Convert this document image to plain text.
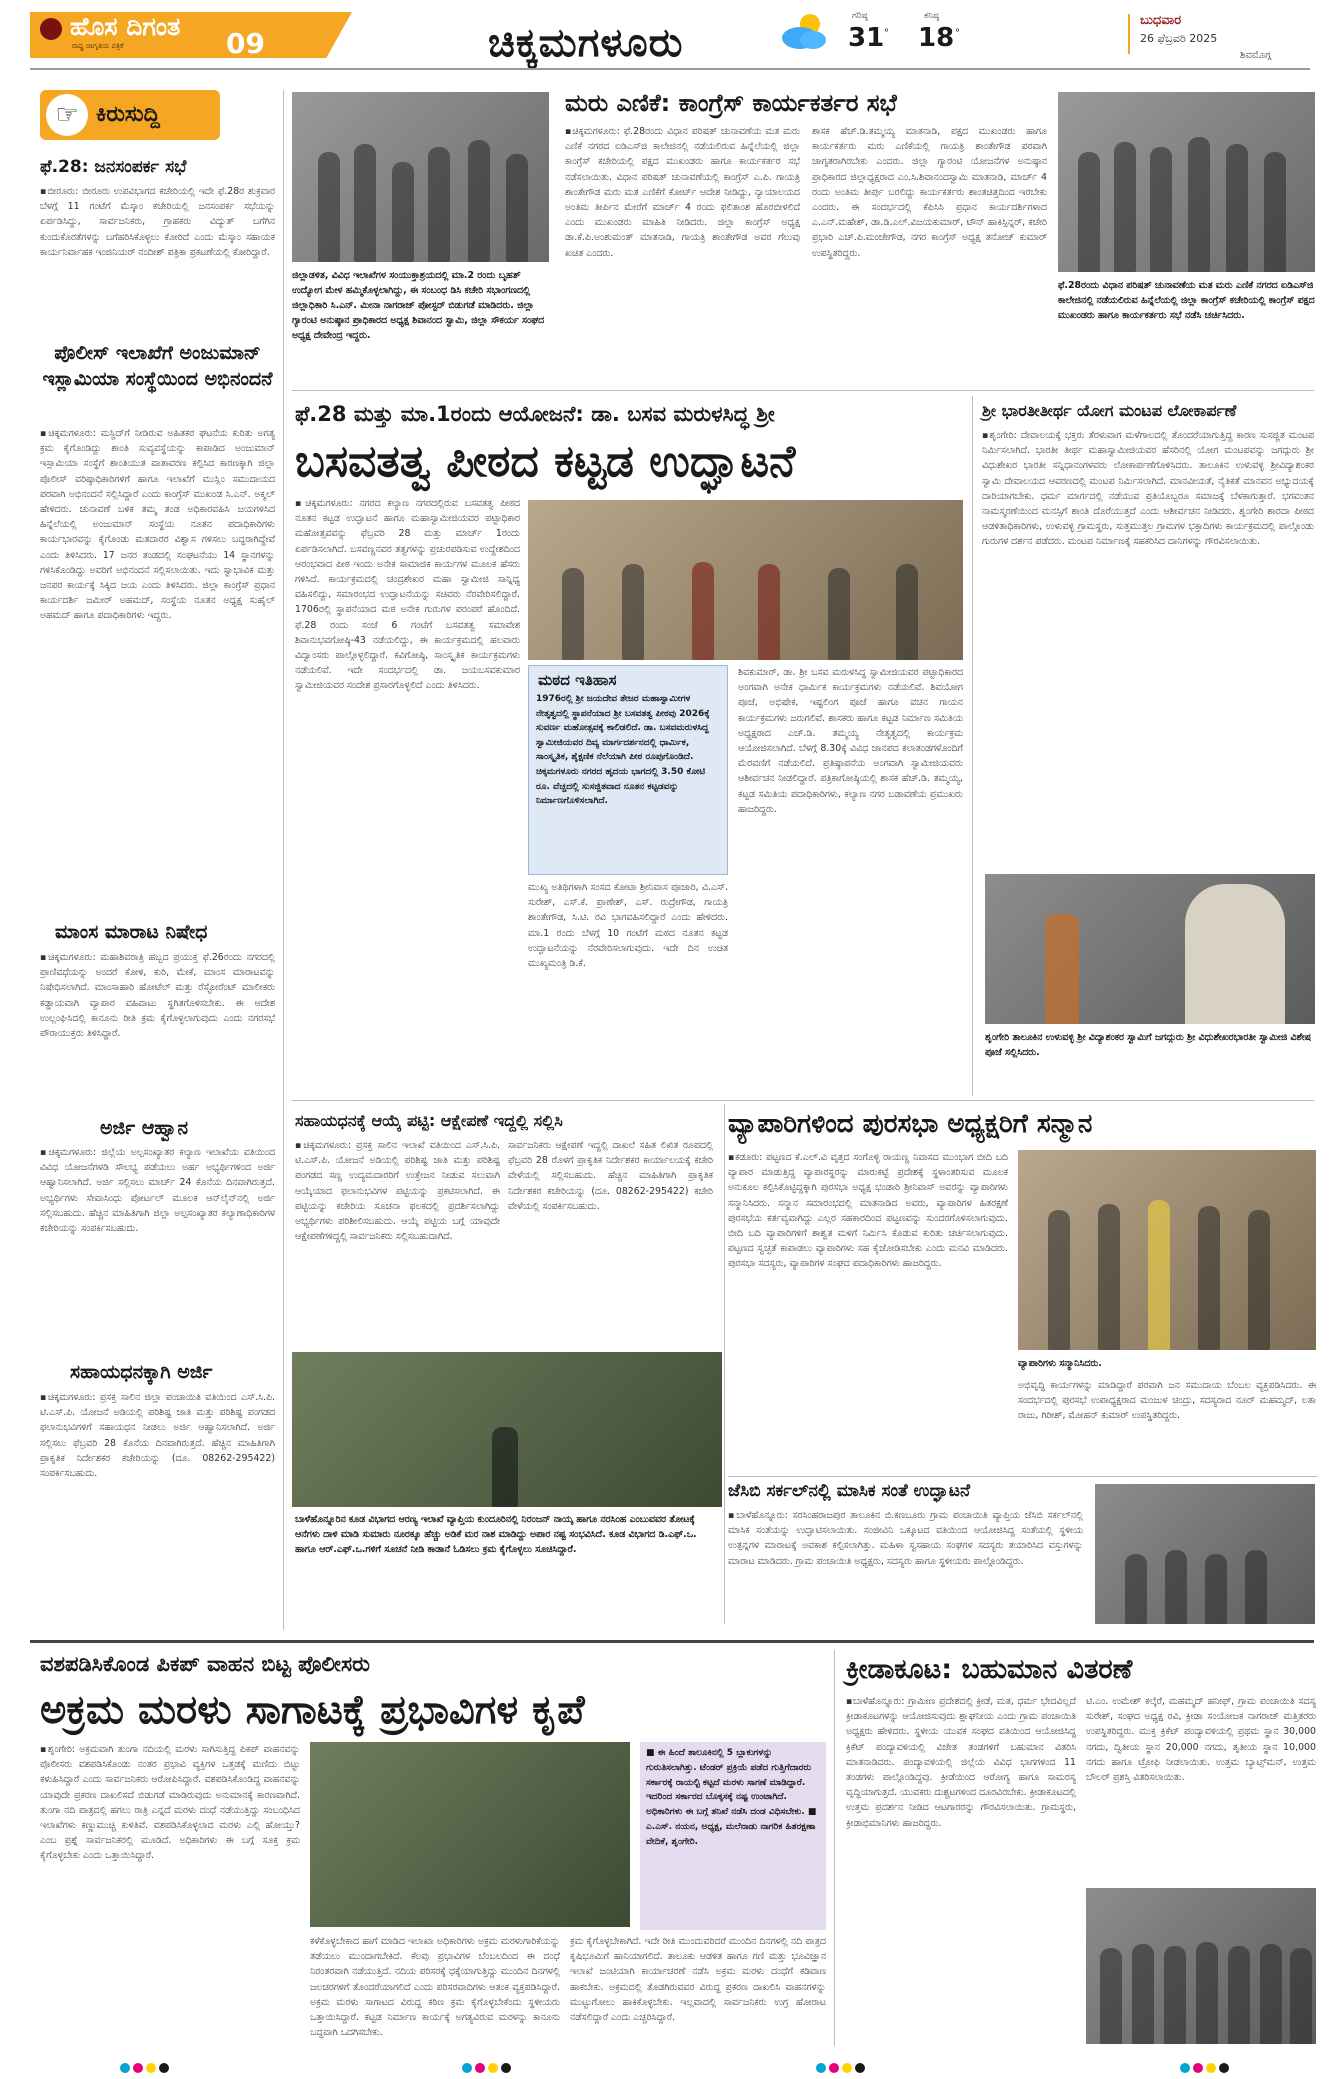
ಹೊಸ ದಿಗಂತ
ರಾಷ್ಟ್ರ ಜಾಗೃತಿಯ ಪತ್ರಿಕೆ	09	ಚಿಕ್ಕಮಗಳೂರು
ಗರಿಷ್ಠ
31 °
ಕನಿಷ್ಠ
18 °
ಬುಧವಾರ
26 ಫೆಬ್ರವರಿ 2025
ಶಿವಮೊಗ್ಗ
☞ ಕಿರುಸುದ್ದಿ
ಫೆ.28: ಜನಸಂಪರ್ಕ ಸಭೆ
▪ಬೀರೂರು: ಬೀರೂರು ಉಪವಿಭಾಗದ ಕಚೇರಿಯಲ್ಲಿ ಇದೇ ಫೆ.28ರ ಶುಕ್ರವಾರ ಬೆಳಗ್ಗೆ 11 ಗಂಟೆಗೆ ಮೆಸ್ಕಾಂ ಕಚೇರಿಯಲ್ಲಿ ಜನಸಂಪರ್ಕ ಸಭೆಯನ್ನು ಏರ್ಪಡಿಸಿದ್ದು, ಸಾರ್ವಜನಿಕರು, ಗ್ರಾಹಕರು ವಿದ್ಯುತ್ ಬಗೆಗಿನ ಕುಂದುಕೊರತೆಗಳನ್ನು ಬಗೆಹರಿಸಿಕೊಳ್ಳಲು ಕೋರಿದೆ ಎಂದು ಮೆಸ್ಕಾಂ ಸಹಾಯಕ ಕಾರ್ಯನಿರ್ವಾಹಕ ಇಂಜಿನಿಯರ್ ನಂದೀಶ್ ಪತ್ರಿಕಾ ಪ್ರಕಟಣೆಯಲ್ಲಿ ಕೋರಿದ್ದಾರೆ.
ಪೊಲೀಸ್ ಇಲಾಖೆಗೆ ಅಂಜುಮಾನ್ ಇಸ್ಲಾಮಿಯಾ ಸಂಸ್ಥೆಯಿಂದ ಅಭಿನಂದನೆ
▪ಚಿಕ್ಕಮಗಳೂರು: ಮಸ್ಜಿದ್‌ಗೆ ನೀಡಿರುವ ಅಹಿತಕರ ಘಟನೆಯ ಕುರಿತು ಅಗತ್ಯ ಕ್ರಮ ಕೈಗೊಂಡಿದ್ದು ಶಾಂತಿ ಸುವ್ಯವಸ್ಥೆಯನ್ನು ಕಾಪಾಡಿದ ಅಂಜುಮಾನ್ ಇಸ್ಲಾಮಿಯಾ ಸಂಸ್ಥೆಗೆ ಶಾಂತಿಯುತ ವಾತಾವರಣ ಕಲ್ಪಿಸಿದ ಕಾರಣಕ್ಕಾಗಿ ಜಿಲ್ಲಾ ಪೊಲೀಸ್ ವರಿಷ್ಠಾಧಿಕಾರಿಗಳಿಗೆ ಹಾಗೂ ಇಲಾಖೆಗೆ ಮುಸ್ಲಿಂ ಸಮುದಾಯದ ಪರವಾಗಿ ಅಭಿನಂದನೆ ಸಲ್ಲಿಸಿದ್ದಾರೆ ಎಂದು ಕಾಂಗ್ರೆಸ್ ಮುಖಂಡ ಸಿ.ಎನ್. ಅಕ್ಮಲ್ ಹೇಳಿದರು. ಚುನಾವಣೆ ಬಳಿಕ ತಮ್ಮ ತಂಡ ಅಧಿಕಾರವಹಿಸಿ ಜಯಗಳಿಸಿದ ಹಿನ್ನೆಲೆಯಲ್ಲಿ ಅಂಜುಮಾನ್ ಸಂಸ್ಥೆಯ ನೂತನ ಪದಾಧಿಕಾರಿಗಳು ಕಾರ್ಯಭಾರವನ್ನು ಕೈಗೊಂಡು ಮತದಾರರ ವಿಶ್ವಾಸ ಗಳಿಸಲು ಬದ್ಧರಾಗಿದ್ದೇವೆ ಎಂದು ತಿಳಿಸಿದರು. 17 ಜನರ ತಂಡದಲ್ಲಿ ಸಂಘಟನೆಯು 14 ಸ್ಥಾನಗಳನ್ನು ಗಳಿಸಿಕೊಂಡಿದ್ದು ಅವರಿಗೆ ಅಭಿನಂದನೆ ಸಲ್ಲಿಸಲಾಯಿತು. ಇದು ಸ್ವಾಭಾವಿಕ ಮತ್ತು ಜನಪರ ಕಾರ್ಯಕ್ಕೆ ಸಿಕ್ಕಿದ ಜಯ ಎಂದು ತಿಳಿಸಿದರು. ಜಿಲ್ಲಾ ಕಾಂಗ್ರೆಸ್ ಪ್ರಧಾನ ಕಾರ್ಯದರ್ಶಿ ಜಮೀರ್ ಅಹಮದ್, ಸಂಸ್ಥೆಯ ನೂತನ ಅಧ್ಯಕ್ಷ ಸುಹೈಲ್ ಅಹಮದ್ ಹಾಗೂ ಪದಾಧಿಕಾರಿಗಳು ಇದ್ದರು.
ಮಾಂಸ ಮಾರಾಟ ನಿಷೇಧ
▪ಚಿಕ್ಕಮಗಳೂರು: ಮಹಾಶಿವರಾತ್ರಿ ಹಬ್ಬದ ಪ್ರಯುಕ್ತ ಫೆ.26ರಂದು ನಗರದಲ್ಲಿ ಪ್ರಾಣಿವಧೆಯನ್ನು ಅಂದರೆ ಕೋಳಿ, ಕುರಿ, ಮೇಕೆ, ಮಾಂಸ ಮಾರಾಟವನ್ನು ನಿಷೇಧಿಸಲಾಗಿದೆ. ಮಾಂಸಾಹಾರಿ ಹೋಟೆಲ್ ಮತ್ತು ರೆಸ್ಟೋರೆಂಟ್ ಮಾಲೀಕರು ಕಡ್ಡಾಯವಾಗಿ ವ್ಯಾಪಾರ ವಹಿವಾಟು ಸ್ಥಗಿತಗೊಳಿಸಬೇಕು. ಈ ಆದೇಶ ಉಲ್ಲಂಘಿಸಿದಲ್ಲಿ ಕಾನೂನು ರೀತಿ ಕ್ರಮ ಕೈಗೊಳ್ಳಲಾಗುವುದು ಎಂದು ನಗರಸಭೆ ಪೌರಾಯುಕ್ತರು ತಿಳಿಸಿದ್ದಾರೆ.
ಅರ್ಜಿ ಆಹ್ವಾನ
▪ಚಿಕ್ಕಮಗಳೂರು: ಜಿಲ್ಲೆಯ ಅಲ್ಪಸಂಖ್ಯಾತರ ಕಲ್ಯಾಣ ಇಲಾಖೆಯ ವತಿಯಿಂದ ವಿವಿಧ ಯೋಜನೆಗಳಡಿ ಸೌಲಭ್ಯ ಪಡೆಯಲು ಅರ್ಹ ಅಭ್ಯರ್ಥಿಗಳಿಂದ ಅರ್ಜಿ ಆಹ್ವಾನಿಸಲಾಗಿದೆ. ಅರ್ಜಿ ಸಲ್ಲಿಸಲು ಮಾರ್ಚ್ 24 ಕೊನೆಯ ದಿನವಾಗಿರುತ್ತದೆ. ಅಭ್ಯರ್ಥಿಗಳು ಸೇವಾಸಿಂಧು ಪೋರ್ಟಲ್ ಮೂಲಕ ಆನ್‌ಲೈನ್‌ನಲ್ಲಿ ಅರ್ಜಿ ಸಲ್ಲಿಸಬಹುದು. ಹೆಚ್ಚಿನ ಮಾಹಿತಿಗಾಗಿ ಜಿಲ್ಲಾ ಅಲ್ಪಸಂಖ್ಯಾತರ ಕಲ್ಯಾಣಾಧಿಕಾರಿಗಳ ಕಚೇರಿಯನ್ನು ಸಂಪರ್ಕಿಸಬಹುದು.
ಸಹಾಯಧನಕ್ಕಾಗಿ ಅರ್ಜಿ
▪ಚಿಕ್ಕಮಗಳೂರು: ಪ್ರಸಕ್ತ ಸಾಲಿನ ಜಿಲ್ಲಾ ಪಂಚಾಯಿತಿ ವತಿಯಿಂದ ಎಸ್.ಸಿ.ಪಿ. ಟಿ.ಎಸ್.ಪಿ. ಯೋಜನೆ ಅಡಿಯಲ್ಲಿ ಪರಿಶಿಷ್ಟ ಜಾತಿ ಮತ್ತು ಪರಿಶಿಷ್ಟ ಪಂಗಡದ ಫಲಾನುಭವಿಗಳಿಗೆ ಸಹಾಯಧನ ನೀಡಲು ಅರ್ಜಿ ಆಹ್ವಾನಿಸಲಾಗಿದೆ. ಅರ್ಜಿ ಸಲ್ಲಿಸಲು ಫೆಬ್ರವರಿ 28 ಕೊನೆಯ ದಿನವಾಗಿರುತ್ತದೆ. ಹೆಚ್ಚಿನ ಮಾಹಿತಿಗಾಗಿ ಪ್ರಾಕೃತಿಕ ನಿರ್ದೇಶಕರ ಕಚೇರಿಯನ್ನು (ದೂ. 08262-295422) ಸಂಪರ್ಕಿಸಬಹುದು.
ಜಿಲ್ಲಾಡಳಿತ, ವಿವಿಧ ಇಲಾಖೆಗಳ ಸಂಯುಕ್ತಾಶ್ರಯದಲ್ಲಿ ಮಾ.2 ರಂದು ಬೃಹತ್ ಉದ್ಯೋಗ ಮೇಳ ಹಮ್ಮಿಕೊಳ್ಳಲಾಗಿದ್ದು, ಈ ಸಂಬಂಧ ಡಿಸಿ ಕಚೇರಿ ಸಭಾಂಗಣದಲ್ಲಿ ಜಿಲ್ಲಾಧಿಕಾರಿ ಸಿ.ಎನ್. ಮೀನಾ ನಾಗರಾಜ್ ಪೋಸ್ಟರ್ ಬಿಡುಗಡೆ ಮಾಡಿದರು. ಜಿಲ್ಲಾ ಗ್ಯಾರಂಟಿ ಅನುಷ್ಠಾನ ಪ್ರಾಧಿಕಾರದ ಅಧ್ಯಕ್ಷ ಶಿವಾನಂದ ಸ್ವಾಮಿ, ಜಿಲ್ಲಾ ಸೌಕರ್ಯ ಸಂಘದ ಅಧ್ಯಕ್ಷ ದೇವೇಂದ್ರ ಇದ್ದರು.
ಮರು ಎಣಿಕೆ: ಕಾಂಗ್ರೆಸ್ ಕಾರ್ಯಕರ್ತರ ಸಭೆ
▪ಚಿಕ್ಕಮಗಳೂರು: ಫೆ.28ರಂದು ವಿಧಾನ ಪರಿಷತ್ ಚುನಾವಣೆಯ ಮತ ಮರು ಎಣಿಕೆ ನಗರದ ಐಡಿಎಸ್‌ಜಿ ಕಾಲೇಜಿನಲ್ಲಿ ನಡೆಯಲಿರುವ ಹಿನ್ನೆಲೆಯಲ್ಲಿ ಜಿಲ್ಲಾ ಕಾಂಗ್ರೆಸ್ ಕಚೇರಿಯಲ್ಲಿ ಪಕ್ಷದ ಮುಖಂಡರು ಹಾಗೂ ಕಾರ್ಯಕರ್ತರ ಸಭೆ ನಡೆಸಲಾಯಿತು. ವಿಧಾನ ಪರಿಷತ್ ಚುನಾವಣೆಯಲ್ಲಿ ಕಾಂಗ್ರೆಸ್ ಎ.ಪಿ. ಗಾಯತ್ರಿ ಶಾಂತೇಗೌಡ ಮರು ಮತ ಎಣಿಕೆಗೆ ಕೋರ್ಟ್ ಆದೇಶ ನೀಡಿದ್ದು, ನ್ಯಾಯಾಲಯದ ಅಂತಿಮ ತೀರ್ಪಿನ ಮೇರೆಗೆ ಮಾರ್ಚ್ 4 ರಂದು ಫಲಿತಾಂಶ ಹೊರಬೀಳಲಿದೆ ಎಂದು ಮುಖಂಡರು ಮಾಹಿತಿ ನೀಡಿದರು. ಜಿಲ್ಲಾ ಕಾಂಗ್ರೆಸ್ ಅಧ್ಯಕ್ಷ ಡಾ.ಕೆ.ಪಿ.ಅಂಶುಮಂತ್ ಮಾತನಾಡಿ, ಗಾಯತ್ರಿ ಶಾಂತೇಗೌಡ ಅವರ ಗೆಲುವು ಖಚಿತ ಎಂದರು.
ಶಾಸಕ ಹೆಚ್.ಡಿ.ತಮ್ಮಯ್ಯ ಮಾತನಾಡಿ, ಪಕ್ಷದ ಮುಖಂಡರು ಹಾಗೂ ಕಾರ್ಯಕರ್ತರು ಮರು ಎಣಿಕೆಯಲ್ಲಿ ಗಾಯತ್ರಿ ಶಾಂತೇಗೌಡ ಪರವಾಗಿ ಜಾಗೃತರಾಗಿರಬೇಕು ಎಂದರು. ಜಿಲ್ಲಾ ಗ್ಯಾರಂಟಿ ಯೋಜನೆಗಳ ಅನುಷ್ಠಾನ ಪ್ರಾಧಿಕಾರದ ಜಿಲ್ಲಾಧ್ಯಕ್ಷರಾದ ಎಂ.ಸಿ.ಶಿವಾನಂದಸ್ವಾಮಿ ಮಾತನಾಡಿ, ಮಾರ್ಚ್ 4 ರಂದು ಅಂತಿಮ ತೀರ್ಪು ಬರಲಿದ್ದು ಕಾರ್ಯಕರ್ತರು ಶಾಂತಚಿತ್ತದಿಂದ ಇರಬೇಕು ಎಂದರು. ಈ ಸಂದರ್ಭದಲ್ಲಿ ಕೆಪಿಸಿಸಿ ಪ್ರಧಾನ ಕಾರ್ಯದರ್ಶಿಗಳಾದ ಎ.ಎನ್.ಮಹೇಶ್, ಡಾ.ಡಿ.ಎಲ್.ವಿಜಯಕುಮಾರ್, ಟೌನ್ ಹಾಕಿಸ್ಪಿನ್ನರ್, ಕಚೇರಿ ಪ್ರಭಾರಿ ಎಚ್.ಪಿ.ಮಂಜೇಗೌಡ, ನಗರ ಕಾಂಗ್ರೆಸ್ ಅಧ್ಯಕ್ಷ ತನೋಜ್ ಕುಮಾರ್ ಉಪಸ್ಥಿತರಿದ್ದರು.
ಫೆ.28ರಂದು ವಿಧಾನ ಪರಿಷತ್ ಚುನಾವಣೆಯ ಮತ ಮರು ಎಣಿಕೆ ನಗರದ ಐಡಿಎಸ್‌ಜಿ ಕಾಲೇಜಿನಲ್ಲಿ ನಡೆಯಲಿರುವ ಹಿನ್ನೆಲೆಯಲ್ಲಿ ಜಿಲ್ಲಾ ಕಾಂಗ್ರೆಸ್ ಕಚೇರಿಯಲ್ಲಿ ಕಾಂಗ್ರೆಸ್ ಪಕ್ಷದ ಮುಖಂಡರು ಹಾಗೂ ಕಾರ್ಯಕರ್ತರು ಸಭೆ ನಡೆಸಿ ಚರ್ಚಿಸಿದರು.
ಫೆ.28 ಮತ್ತು ಮಾ.1ರಂದು ಆಯೋಜನೆ: ಡಾ. ಬಸವ ಮರುಳಸಿದ್ಧ ಶ್ರೀ
ಬಸವತತ್ವ ಪೀಠದ ಕಟ್ಟಡ ಉದ್ಘಾಟನೆ
▪ಚಿಕ್ಕಮಗಳೂರು: ನಗರದ ಕಲ್ಯಾಣ ನಗರದಲ್ಲಿರುವ ಬಸವತತ್ವ ಪೀಠದ ನೂತನ ಕಟ್ಟಡ ಉದ್ಘಾಟನೆ ಹಾಗೂ ಮಹಾಸ್ವಾಮೀಜಿಯವರ ಪಟ್ಟಾಧಿಕಾರ ಮಹೋತ್ಸವವನ್ನು ಫೆಬ್ರವರಿ 28 ಮತ್ತು ಮಾರ್ಚ್ 1ರಂದು ಏರ್ಪಡಿಸಲಾಗಿದೆ. ಬಸವಣ್ಣನವರ ತತ್ವಗಳನ್ನು ಪ್ರಚುರಪಡಿಸುವ ಉದ್ದೇಶದಿಂದ ಆರಂಭವಾದ ಪೀಠ ಇಂದು ಅನೇಕ ಸಾಮಾಜಿಕ ಕಾರ್ಯಗಳ ಮೂಲಕ ಹೆಸರು ಗಳಿಸಿದೆ. ಕಾರ್ಯಕ್ರಮದಲ್ಲಿ ಚಂದ್ರಶೇಖರ ಮಹಾ ಸ್ವಾಮೀಜಿ ಸಾನ್ನಿಧ್ಯ ವಹಿಸಲಿದ್ದು, ಸಮಾರಂಭದ ಉದ್ಘಾಟನೆಯನ್ನು ಸಚಿವರು ನೆರವೇರಿಸಲಿದ್ದಾರೆ. 1706ರಲ್ಲಿ ಸ್ಥಾಪನೆಯಾದ ಮಠ ಅನೇಕ ಗುರುಗಳ ಪರಂಪರೆ ಹೊಂದಿದೆ. ಫೆ.28 ರಂದು ಸಂಜೆ 6 ಗಂಟೆಗೆ ಬಸವತತ್ವ ಸಮಾವೇಶ ಶಿವಾನುಭವಗೋಷ್ಠಿ-43 ನಡೆಯಲಿದ್ದು, ಈ ಕಾರ್ಯಕ್ರಮದಲ್ಲಿ ಹಲವಾರು ವಿದ್ವಾಂಸರು ಪಾಲ್ಗೊಳ್ಳಲಿದ್ದಾರೆ. ಕವಿಗೋಷ್ಠಿ, ಸಾಂಸ್ಕೃತಿಕ ಕಾರ್ಯಕ್ರಮಗಳು ನಡೆಯಲಿವೆ. ಇದೇ ಸಂದರ್ಭದಲ್ಲಿ ಡಾ. ಜಯಬಸವಕುಮಾರ ಸ್ವಾಮೀಜಿಯವರ ಸಂದೇಶ ಪ್ರಸಾರಗೊಳ್ಳಲಿದೆ ಎಂದು ತಿಳಿಸಿದರು.	ಮಠದ ಇತಿಹಾಸ
1976ರಲ್ಲಿ ಶ್ರೀ ಜಯದೇವ ತೇಜರ ಮಹಾಸ್ವಾಮೀಗಳ ನೇತೃತ್ವದಲ್ಲಿ ಸ್ಥಾಪನೆಯಾದ ಶ್ರೀ ಬಸವತತ್ವ ಪೀಠವು 2026ಕ್ಕೆ ಸುವರ್ಣ ಮಹೋತ್ಸವಕ್ಕೆ ಕಾಲಿಡಲಿದೆ. ಡಾ. ಬಸವಮರುಳಸಿದ್ಧ ಸ್ವಾಮೀಜಿಯವರ ದಿವ್ಯ ಮಾರ್ಗದರ್ಶನದಲ್ಲಿ ಧಾರ್ಮಿಕ, ಸಾಂಸ್ಕೃತಿಕ, ಶೈಕ್ಷಣಿಕ ನೆಲೆಯಾಗಿ ಪೀಠ ರೂಪುಗೊಂಡಿದೆ. ಚಿಕ್ಕಮಗಳೂರು ನಗರದ ಹೃದಯ ಭಾಗದಲ್ಲಿ 3.50 ಕೋಟಿ ರೂ. ವೆಚ್ಚದಲ್ಲಿ ಸುಸಜ್ಜಿತವಾದ ನೂತನ ಕಟ್ಟಡವನ್ನು ನಿರ್ಮಾಣಗೊಳಿಸಲಾಗಿದೆ.
ಶಿವಕುಮಾರ್, ಡಾ. ಶ್ರೀ ಬಸವ ಮರುಳಸಿದ್ಧ ಸ್ವಾಮೀಜಿಯವರ ಪಟ್ಟಾಧಿಕಾರದ ಅಂಗವಾಗಿ ಅನೇಕ ಧಾರ್ಮಿಕ ಕಾರ್ಯಕ್ರಮಗಳು ನಡೆಯಲಿವೆ. ಶಿವಯೋಗ ಪೂಜೆ, ಅಭಿಷೇಕ, ಇಷ್ಟಲಿಂಗ ಪೂಜೆ ಹಾಗೂ ವಚನ ಗಾಯನ ಕಾರ್ಯಕ್ರಮಗಳು ಜರುಗಲಿವೆ. ಶಾಸಕರು ಹಾಗೂ ಕಟ್ಟಡ ನಿರ್ಮಾಣ ಸಮಿತಿಯ ಅಧ್ಯಕ್ಷರಾದ ಎಚ್.ಡಿ. ತಮ್ಮಯ್ಯ ನೇತೃತ್ವದಲ್ಲಿ ಕಾರ್ಯಕ್ರಮ ಆಯೋಜಿಸಲಾಗಿದೆ. ಬೆಳಗ್ಗೆ 8.30ಕ್ಕೆ ವಿವಿಧ ಜಾನಪದ ಕಲಾತಂಡಗಳೊಂದಿಗೆ ಮೆರವಣಿಗೆ ನಡೆಯಲಿದೆ. ಪ್ರತಿಷ್ಠಾಪನೆಯ ಅಂಗವಾಗಿ ಸ್ವಾಮೀಜಿಯವರು ಆಶೀರ್ವಚನ ನೀಡಲಿದ್ದಾರೆ. ಪತ್ರಿಕಾಗೋಷ್ಠಿಯಲ್ಲಿ ಶಾಸಕ ಹೆಚ್.ಡಿ. ತಮ್ಮಯ್ಯ, ಕಟ್ಟಡ ಸಮಿತಿಯ ಪದಾಧಿಕಾರಿಗಳು, ಕಲ್ಯಾಣ ನಗರ ಬಡಾವಣೆಯ ಪ್ರಮುಖರು ಹಾಜರಿದ್ದರು.
ಮುಖ್ಯ ಅತಿಥಿಗಳಾಗಿ ಸಂಸದ ಕೋಟಾ ಶ್ರೀನಿವಾಸ ಪೂಜಾರಿ, ವಿ.ಎಸ್. ಸುರೇಶ್, ಎಸ್.ಕೆ. ಪ್ರಾಣೇಶ್, ಎಸ್. ರುದ್ರೇಗೌಡ, ಗಾಯತ್ರಿ ಶಾಂತೇಗೌಡ, ಸಿ.ಟಿ. ರವಿ ಭಾಗವಹಿಸಲಿದ್ದಾರೆ ಎಂದು ಹೇಳಿದರು. ಮಾ.1 ರಂದು ಬೆಳಗ್ಗೆ 10 ಗಂಟೆಗೆ ಮಠದ ನೂತನ ಕಟ್ಟಡ ಉದ್ಘಾಟನೆಯನ್ನು ನೆರವೇರಿಸಲಾಗುವುದು. ಇದೇ ದಿನ ಉಚಿತ ಮುಖ್ಯಮಂತ್ರಿ ಡಿ.ಕೆ.
ಶ್ರೀ ಭಾರತೀತೀರ್ಥ ಯೋಗ ಮಂಟಪ ಲೋಕಾರ್ಪಣೆ
▪ಶೃಂಗೇರಿ: ದೇವಾಲಯಕ್ಕೆ ಭಕ್ತರು ತೆರಳುವಾಗ ಮಳೆಗಾಲದಲ್ಲಿ ತೊಂದರೆಯಾಗುತ್ತಿದ್ದ ಕಾರಣ ಸುಸಜ್ಜಿತ ಮಂಟಪ ನಿರ್ಮಿಸಲಾಗಿದೆ. ಭಾರತೀ ತೀರ್ಥ ಮಹಾಸ್ವಾಮೀಜಿಯವರ ಹೆಸರಿನಲ್ಲಿ ಯೋಗ ಮಂಟಪವನ್ನು ಜಗದ್ಗುರು ಶ್ರೀ ವಿಧುಶೇಖರ ಭಾರತೀ ಸನ್ನಿಧಾನಂಗಳವರು ಲೋಕಾರ್ಪಣೆಗೊಳಿಸಿದರು. ತಾಲೂಕಿನ ಉಳುವಳ್ಳಿ ಶ್ರೀವಿದ್ಯಾಶಂಕರ ಸ್ವಾಮಿ ದೇವಾಲಯದ ಆವರಣದಲ್ಲಿ ಮಂಟಪ ನಿರ್ಮಿಸಲಾಗಿದೆ. ಮಾನವೀಯತೆ, ನೈತಿಕತೆ ಮಾನವನ ಅಭ್ಯುದಯಕ್ಕೆ ದಾರಿಯಾಗಬೇಕು. ಧರ್ಮ ಮಾರ್ಗದಲ್ಲಿ ನಡೆಯುವ ಪ್ರತಿಯೊಬ್ಬರೂ ಸಮಾಜಕ್ಕೆ ಬೆಳಕಾಗುತ್ತಾರೆ. ಭಗವಂತನ ನಾಮಸ್ಮರಣೆಯಿಂದ ಮನಸ್ಸಿಗೆ ಶಾಂತಿ ದೊರೆಯುತ್ತದೆ ಎಂದು ಆಶೀರ್ವಚನ ನೀಡಿದರು. ಶೃಂಗೇರಿ ಶಾರದಾ ಪೀಠದ ಆಡಳಿತಾಧಿಕಾರಿಗಳು, ಉಳುವಳ್ಳಿ ಗ್ರಾಮಸ್ಥರು, ಸುತ್ತಮುತ್ತಲ ಗ್ರಾಮಗಳ ಭಕ್ತಾದಿಗಳು ಕಾರ್ಯಕ್ರಮದಲ್ಲಿ ಪಾಲ್ಗೊಂಡು ಗುರುಗಳ ದರ್ಶನ ಪಡೆದರು. ಮಂಟಪ ನಿರ್ಮಾಣಕ್ಕೆ ಸಹಕರಿಸಿದ ದಾನಿಗಳನ್ನು ಗೌರವಿಸಲಾಯಿತು.
ಶೃಂಗೇರಿ ತಾಲೂಕಿನ ಉಳುವಳ್ಳಿ ಶ್ರೀ ವಿದ್ಯಾಶಂಕರ ಸ್ವಾಮಿಗೆ ಜಗದ್ಗುರು ಶ್ರೀ ವಿಧುಶೇಖರಭಾರತೀ ಸ್ವಾಮೀಜಿ ವಿಶೇಷ ಪೂಜೆ ಸಲ್ಲಿಸಿದರು.
ಸಹಾಯಧನಕ್ಕೆ ಆಯ್ಕೆ ಪಟ್ಟಿ: ಆಕ್ಷೇಪಣೆ ಇದ್ದಲ್ಲಿ ಸಲ್ಲಿಸಿ
▪ಚಿಕ್ಕಮಗಳೂರು: ಪ್ರಸಕ್ತ ಸಾಲಿನ ಇಲಾಖೆ ವತಿಯಿಂದ ಎಸ್.ಸಿ.ಪಿ. ಟಿ.ಎಸ್.ಪಿ. ಯೋಜನೆ ಅಡಿಯಲ್ಲಿ ಪರಿಶಿಷ್ಟ ಜಾತಿ ಮತ್ತು ಪರಿಶಿಷ್ಟ ಪಂಗಡದ ಸಣ್ಣ ಉದ್ಯಮದಾರರಿಗೆ ಉತ್ತೇಜನ ನೀಡುವ ಸಲುವಾಗಿ ಆಯ್ಕೆಯಾದ ಫಲಾನುಭವಿಗಳ ಪಟ್ಟಿಯನ್ನು ಪ್ರಕಟಿಸಲಾಗಿದೆ. ಈ ಪಟ್ಟಿಯನ್ನು ಕಚೇರಿಯ ಸೂಚನಾ ಫಲಕದಲ್ಲಿ ಪ್ರದರ್ಶಿಸಲಾಗಿದ್ದು ಅಭ್ಯರ್ಥಿಗಳು ಪರಿಶೀಲಿಸಬಹುದು. ಆಯ್ಕೆ ಪಟ್ಟಿಯ ಬಗ್ಗೆ ಯಾವುದೇ ಆಕ್ಷೇಪಣೆಗಳಿದ್ದಲ್ಲಿ ಸಾರ್ವಜನಿಕರು ಸಲ್ಲಿಸಬಹುದಾಗಿದೆ.
ಸಾರ್ವಜನಿಕರು ಆಕ್ಷೇಪಣೆ ಇದ್ದಲ್ಲಿ ದಾಖಲೆ ಸಹಿತ ಲಿಖಿತ ರೂಪದಲ್ಲಿ ಫೆಬ್ರವರಿ 28 ರೊಳಗೆ ಪ್ರಾಕೃತಿಕ ನಿರ್ದೇಶಕರ ಕಾರ್ಯಾಲಯಕ್ಕೆ ಕಚೇರಿ ವೇಳೆಯಲ್ಲಿ ಸಲ್ಲಿಸಬಹುದು. ಹೆಚ್ಚಿನ ಮಾಹಿತಿಗಾಗಿ ಪ್ರಾಕೃತಿಕ ನಿರ್ದೇಶಕರ ಕಚೇರಿಯನ್ನು (ದೂ. 08262-295422) ಕಚೇರಿ ವೇಳೆಯಲ್ಲಿ ಸಂಪರ್ಕಿಸಬಹುದು.
ಬಾಳೆಹೊನ್ನೂರಿನ ಕೂಡ ವಿಭಾಗದ ಆರಣ್ಯ ಇಲಾಖೆ ವ್ಯಾಪ್ತಿಯ ಕುಂದೂರಿನಲ್ಲಿ ನಿರಂಜನ್ ನಾಯ್ಕ ಹಾಗೂ ನರಸಿಂಹ ಎಂಬುವವರ ತೋಟಕ್ಕೆ ಆನೆಗಳು ದಾಳಿ ಮಾಡಿ ಸುಮಾರು ನೂರಕ್ಕೂ ಹೆಚ್ಚು ಅಡಿಕೆ ಮರ ನಾಶ ಮಾಡಿದ್ದು ಅಪಾರ ನಷ್ಟ ಸಂಭವಿಸಿದೆ. ಕೂಡ ವಿಭಾಗದ ಡಿ.ಎಫ್.ಒ. ಹಾಗೂ ಆರ್.ಎಫ್.ಒ.ಗಳಿಗೆ ಸೂಚನೆ ನೀಡಿ ಕಾಡಾನೆ ಓಡಿಸಲು ಕ್ರಮ ಕೈಗೊಳ್ಳಲು ಸೂಚಿಸಿದ್ದಾರೆ.
ವ್ಯಾಪಾರಿಗಳಿಂದ ಪುರಸಭಾ ಅಧ್ಯಕ್ಷರಿಗೆ ಸನ್ಮಾನ
▪ಕಡೂರು: ಪಟ್ಟಣದ ಕೆ.ಎಲ್.ವಿ ವೃತ್ತದ ಸಂಗೊಳ್ಳಿ ರಾಯಣ್ಣ ನಿವಾಸದ ಮುಂಭಾಗ ಬೀದಿ ಬದಿ ವ್ಯಾಪಾರ ಮಾಡುತ್ತಿದ್ದ ವ್ಯಾಪಾರಸ್ಥರನ್ನು ಮಾರುಕಟ್ಟೆ ಪ್ರದೇಶಕ್ಕೆ ಸ್ಥಳಾಂತರಿಸುವ ಮೂಲಕ ಅನುಕೂಲ ಕಲ್ಪಿಸಿಕೊಟ್ಟಿದ್ದಕ್ಕಾಗಿ ಪುರಸಭಾ ಅಧ್ಯಕ್ಷ ಭಂಡಾರಿ ಶ್ರೀನಿವಾಸ್ ಅವರನ್ನು ವ್ಯಾಪಾರಿಗಳು ಸನ್ಮಾನಿಸಿದರು. ಸನ್ಮಾನ ಸಮಾರಂಭದಲ್ಲಿ ಮಾತನಾಡಿದ ಅವರು, ವ್ಯಾಪಾರಿಗಳ ಹಿತರಕ್ಷಣೆ ಪುರಸಭೆಯ ಕರ್ತವ್ಯವಾಗಿದ್ದು ಎಲ್ಲರ ಸಹಕಾರದಿಂದ ಪಟ್ಟಣವನ್ನು ಸುಂದರಗೊಳಿಸಲಾಗುವುದು. ಬೀದಿ ಬದಿ ವ್ಯಾಪಾರಿಗಳಿಗೆ ಶಾಶ್ವತ ಮಳಿಗೆ ನಿರ್ಮಿಸಿ ಕೊಡುವ ಕುರಿತು ಚರ್ಚಿಸಲಾಗುವುದು. ಪಟ್ಟಣದ ಸ್ವಚ್ಛತೆ ಕಾಪಾಡಲು ವ್ಯಾಪಾರಿಗಳು ಸಹ ಕೈಜೋಡಿಸಬೇಕು ಎಂದು ಮನವಿ ಮಾಡಿದರು. ಪುರಸಭಾ ಸದಸ್ಯರು, ವ್ಯಾಪಾರಿಗಳ ಸಂಘದ ಪದಾಧಿಕಾರಿಗಳು ಹಾಜರಿದ್ದರು.
ವ್ಯಾಪಾರಿಗಳು ಸನ್ಮಾನಿಸಿದರು.
ಅಭಿವೃದ್ಧಿ ಕಾರ್ಯಗಳನ್ನು ಮಾಡಿದ್ದಾರೆ ಪರವಾಗಿ ಜನ ಸಮುದಾಯ ಬೆಂಬಲ ವ್ಯಕ್ತಪಡಿಸಿದರು. ಈ ಸಂದರ್ಭದಲ್ಲಿ ಪುರಸಭೆ ಉಪಾಧ್ಯಕ್ಷರಾದ ಮಂಜುಳ ಚಂದ್ರು, ಸದಸ್ಯರಾದ ನೂರ್ ಮಹಮ್ಮದ್, ಲತಾ ರಾಜು, ಗಿರೀಶ್, ಮೋಹನ್ ಕುಮಾರ್ ಉಪಸ್ಥಿತರಿದ್ದರು.
ಜೆಸಿಬಿ ಸರ್ಕಲ್‌ನಲ್ಲಿ ಮಾಸಿಕ ಸಂತೆ ಉದ್ಘಾಟನೆ
▪ಬಾಳೆಹೊನ್ನೂರು: ಸರಸಿಂಹರಾಜಪುರ ತಾಲೂಕಿನ ಬಿ.ಕಣಬೂರು ಗ್ರಾಮ ಪಂಚಾಯಿತಿ ವ್ಯಾಪ್ತಿಯ ಜೆಸಿಬಿ ಸರ್ಕಲ್‌ನಲ್ಲಿ ಮಾಸಿಕ ಸಂತೆಯನ್ನು ಉದ್ಘಾಟಿಸಲಾಯಿತು. ಸಂಜೀವಿನಿ ಒಕ್ಕೂಟದ ವತಿಯಿಂದ ಆಯೋಜಿಸಿದ್ದ ಸಂತೆಯಲ್ಲಿ ಸ್ಥಳೀಯ ಉತ್ಪನ್ನಗಳ ಮಾರಾಟಕ್ಕೆ ಅವಕಾಶ ಕಲ್ಪಿಸಲಾಗಿತ್ತು. ಮಹಿಳಾ ಸ್ವಸಹಾಯ ಸಂಘಗಳ ಸದಸ್ಯರು ತಯಾರಿಸಿದ ವಸ್ತುಗಳನ್ನು ಮಾರಾಟ ಮಾಡಿದರು. ಗ್ರಾಮ ಪಂಚಾಯಿತಿ ಅಧ್ಯಕ್ಷರು, ಸದಸ್ಯರು ಹಾಗೂ ಸ್ಥಳೀಯರು ಪಾಲ್ಗೊಂಡಿದ್ದರು.
ವಶಪಡಿಸಿಕೊಂಡ ಪಿಕಪ್ ವಾಹನ ಬಿಟ್ಟ ಪೊಲೀಸರು
ಅಕ್ರಮ ಮರಳು ಸಾಗಾಟಕ್ಕೆ ಪ್ರಭಾವಿಗಳ ಕೃಪೆ
▪ಶೃಂಗೇರಿ: ಅಕ್ರಮವಾಗಿ ತುಂಗಾ ನದಿಯಲ್ಲಿ ಮರಳು ಸಾಗಿಸುತ್ತಿದ್ದ ಪಿಕಪ್ ವಾಹನವನ್ನು ಪೊಲೀಸರು ವಶಪಡಿಸಿಕೊಂಡು ನಂತರ ಪ್ರಭಾವಿ ವ್ಯಕ್ತಿಗಳ ಒತ್ತಡಕ್ಕೆ ಮಣಿದು ಬಿಟ್ಟು ಕಳುಹಿಸಿದ್ದಾರೆ ಎಂದು ಸಾರ್ವಜನಿಕರು ಆರೋಪಿಸಿದ್ದಾರೆ. ವಶಪಡಿಸಿಕೊಂಡಿದ್ದ ವಾಹನವನ್ನು ಯಾವುದೇ ಪ್ರಕರಣ ದಾಖಲಿಸದೆ ಬಿಡುಗಡೆ ಮಾಡಿರುವುದು ಅನುಮಾನಕ್ಕೆ ಕಾರಣವಾಗಿದೆ. ತುಂಗಾ ನದಿ ಪಾತ್ರದಲ್ಲಿ ಹಗಲು ರಾತ್ರಿ ಎನ್ನದೆ ಮರಳು ದಂಧೆ ನಡೆಯುತ್ತಿದ್ದು ಸಂಬಂಧಿಸಿದ ಇಲಾಖೆಗಳು ಕಣ್ಣುಮುಚ್ಚಿ ಕುಳಿತಿವೆ. ವಶಪಡಿಸಿಕೊಳ್ಳಲಾದ ಮರಳು ಎಲ್ಲಿ ಹೋಯ್ತು? ಎಂಬ ಪ್ರಶ್ನೆ ಸಾರ್ವಜನಿಕರಲ್ಲಿ ಮೂಡಿದೆ. ಅಧಿಕಾರಿಗಳು ಈ ಬಗ್ಗೆ ಸೂಕ್ತ ಕ್ರಮ ಕೈಗೊಳ್ಳಬೇಕು ಎಂದು ಒತ್ತಾಯಿಸಿದ್ದಾರೆ.
■ ಈ ಹಿಂದೆ ತಾಲೂಕಿನಲ್ಲಿ 5 ಬ್ಲಾಕುಗಳನ್ನು ಗುರುತಿಸಲಾಗಿತ್ತು. ಟೆಂಡರ್ ಪ್ರಕ್ರಿಯೆ ಪಡೆದ ಗುತ್ತಿಗೆದಾರರು ಸರ್ಕಾರಕ್ಕೆ ರಾಯಲ್ಟಿ ಕಟ್ಟದೆ ಮರಳು ಸಾಗಣೆ ಮಾಡಿದ್ದಾರೆ. ಇದರಿಂದ ಸರ್ಕಾರದ ಬೊಕ್ಕಸಕ್ಕೆ ನಷ್ಟ ಉಂಟಾಗಿದೆ. ಅಧಿಕಾರಿಗಳು ಈ ಬಗ್ಗೆ ತನಿಖೆ ನಡೆಸಿ ದಂಡ ವಿಧಿಸಬೇಕು. ■ ಎ.ಎಸ್. ನಯನ, ಅಧ್ಯಕ್ಷ, ಮಲೆನಾಡು ನಾಗರಿಕ ಹಿತರಕ್ಷಣಾ ವೇದಿಕೆ, ಶೃಂಗೇರಿ.
ಕಳೆಕೊಳ್ಳಬೇಕಾದ ಹಾಗೆ ಮಾಡಿದ ಇಲಾಖಾ ಅಧಿಕಾರಿಗಳು ಅಕ್ರಮ ಮರಳುಗಾರಿಕೆಯನ್ನು ತಡೆಯಲು ಮುಂದಾಗಬೇಕಿದೆ. ಕೆಲವು ಪ್ರಭಾವಿಗಳ ಬೆಂಬಲದಿಂದ ಈ ದಂಧೆ ನಿರಂತರವಾಗಿ ನಡೆಯುತ್ತಿದೆ. ನದಿಯ ಪರಿಸರಕ್ಕೆ ಧಕ್ಕೆಯಾಗುತ್ತಿದ್ದು ಮುಂದಿನ ದಿನಗಳಲ್ಲಿ ಜಲಚರಗಳಿಗೆ ತೊಂದರೆಯಾಗಲಿದೆ ಎಂದು ಪರಿಸರವಾದಿಗಳು ಆತಂಕ ವ್ಯಕ್ತಪಡಿಸಿದ್ದಾರೆ. ಅಕ್ರಮ ಮರಳು ಸಾಗಾಟದ ವಿರುದ್ಧ ಕಠಿಣ ಕ್ರಮ ಕೈಗೊಳ್ಳಬೇಕೆಂದು ಸ್ಥಳೀಯರು ಒತ್ತಾಯಿಸಿದ್ದಾರೆ. ಕಟ್ಟಡ ನಿರ್ಮಾಣ ಕಾರ್ಯಕ್ಕೆ ಅಗತ್ಯವಿರುವ ಮರಳನ್ನು ಕಾನೂನು ಬದ್ಧವಾಗಿ ಒದಗಿಸಬೇಕು.
ಕ್ರಮ ಕೈಗೊಳ್ಳಬೇಕಾಗಿದೆ. ಇದೇ ರೀತಿ ಮುಂದುವರಿದರೆ ಮುಂದಿನ ದಿನಗಳಲ್ಲಿ ನದಿ ಪಾತ್ರದ ಕೃಷಿಭೂಮಿಗೆ ಹಾನಿಯಾಗಲಿದೆ. ತಾಲೂಕು ಆಡಳಿತ ಹಾಗೂ ಗಣಿ ಮತ್ತು ಭೂವಿಜ್ಞಾನ ಇಲಾಖೆ ಜಂಟಿಯಾಗಿ ಕಾರ್ಯಾಚರಣೆ ನಡೆಸಿ ಅಕ್ರಮ ಮರಳು ದಂಧೆಗೆ ಕಡಿವಾಣ ಹಾಕಬೇಕು. ಅಕ್ರಮದಲ್ಲಿ ತೊಡಗಿರುವವರ ವಿರುದ್ಧ ಪ್ರಕರಣ ದಾಖಲಿಸಿ ವಾಹನಗಳನ್ನು ಮುಟ್ಟುಗೋಲು ಹಾಕಿಕೊಳ್ಳಬೇಕು. ಇಲ್ಲವಾದಲ್ಲಿ ಸಾರ್ವಜನಿಕರು ಉಗ್ರ ಹೋರಾಟ ನಡೆಸಲಿದ್ದಾರೆ ಎಂದು ಎಚ್ಚರಿಸಿದ್ದಾರೆ.
ಕ್ರೀಡಾಕೂಟ: ಬಹುಮಾನ ವಿತರಣೆ
▪ಬಾಳೆಹೊನ್ನೂರು: ಗ್ರಾಮೀಣ ಪ್ರದೇಶದಲ್ಲಿ ಕ್ರೀಡೆ, ಮತ, ಧರ್ಮ ಭೇದವಿಲ್ಲದೆ ಕ್ರೀಡಾಕೂಟಗಳನ್ನು ಆಯೋಜಿಸುವುದು ಶ್ಲಾಘನೀಯ ಎಂದು ಗ್ರಾಮ ಪಂಚಾಯಿತಿ ಅಧ್ಯಕ್ಷರು ಹೇಳಿದರು. ಸ್ಥಳೀಯ ಯುವಕ ಸಂಘದ ವತಿಯಿಂದ ಆಯೋಜಿಸಿದ್ದ ಕ್ರಿಕೆಟ್ ಪಂದ್ಯಾವಳಿಯಲ್ಲಿ ವಿಜೇತ ತಂಡಗಳಿಗೆ ಬಹುಮಾನ ವಿತರಿಸಿ ಮಾತನಾಡಿದರು. ಪಂದ್ಯಾವಳಿಯಲ್ಲಿ ಜಿಲ್ಲೆಯ ವಿವಿಧ ಭಾಗಗಳಿಂದ 11 ತಂಡಗಳು ಪಾಲ್ಗೊಂಡಿದ್ದವು. ಕ್ರೀಡೆಯಿಂದ ಆರೋಗ್ಯ ಹಾಗೂ ಸಾಮರಸ್ಯ ವೃದ್ಧಿಯಾಗುತ್ತದೆ. ಯುವಕರು ದುಶ್ಚಟಗಳಿಂದ ದೂರವಿರಬೇಕು. ಕ್ರೀಡಾಕೂಟದಲ್ಲಿ ಉತ್ತಮ ಪ್ರದರ್ಶನ ನೀಡಿದ ಆಟಗಾರರನ್ನು ಗೌರವಿಸಲಾಯಿತು. ಗ್ರಾಮಸ್ಥರು, ಕ್ರೀಡಾಭಿಮಾನಿಗಳು ಹಾಜರಿದ್ದರು.
ಟಿ.ಎಂ. ಉಮೇಶ್ ಕಲ್ಕೆರೆ, ಮಹಮ್ಮದ್ ಹನೀಫ್, ಗ್ರಾಮ ಪಂಚಾಯಿತಿ ಸದಸ್ಯ ಸುರೇಶ್, ಸಂಘದ ಅಧ್ಯಕ್ಷ ರವಿ, ಕ್ರೀಡಾ ಸಂಯೋಜಕ ನಾಗರಾಜ್ ಮತ್ತಿತರರು ಉಪಸ್ಥಿತರಿದ್ದರು. ಮುಕ್ತ ಕ್ರಿಕೆಟ್ ಪಂದ್ಯಾವಳಿಯಲ್ಲಿ ಪ್ರಥಮ ಸ್ಥಾನ 30,000 ನಗದು, ದ್ವಿತೀಯ ಸ್ಥಾನ 20,000 ನಗದು, ತೃತೀಯ ಸ್ಥಾನ 10,000 ನಗದು ಹಾಗೂ ಟ್ರೋಫಿ ನೀಡಲಾಯಿತು. ಉತ್ತಮ ಬ್ಯಾಟ್ಸ್‌ಮನ್, ಉತ್ತಮ ಬೌಲರ್ ಪ್ರಶಸ್ತಿ ವಿತರಿಸಲಾಯಿತು.
